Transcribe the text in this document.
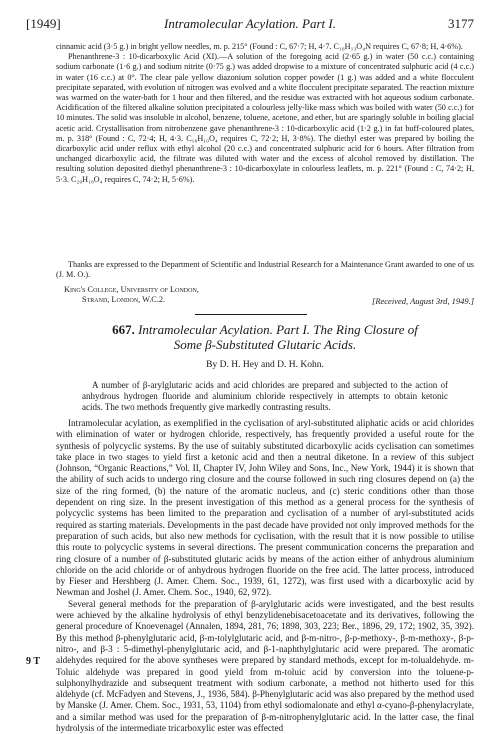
[1949]	Intramolecular Acylation. Part I.	3177

cinnamic acid (3·5 g.) in bright yellow needles, m. p. 215° (Found : C, 67·7; H, 4·7. C₁₆H₁₃O₄N requires C, 67·8; H, 4·6%).

Phenanthrene-3 : 10-dicarboxylic Acid (XI).—A solution of the foregoing acid (2·65 g.) in water (50 c.c.) containing sodium carbonate (1·6 g.) and sodium nitrite (0·75 g.) was added dropwise to a mixture of concentrated sulphuric acid (4 c.c.) in water (16 c.c.) at 0°. The clear pale yellow diazonium solution copper powder (1 g.) was added and a white flocculent precipitate separated, with evolution of nitrogen was evolved and a white flocculent precipitate separated. The reaction mixture was warmed on the water-bath for 1 hour and then filtered, and the residue was extracted with hot aqueous sodium carbonate. Acidification of the filtered alkaline solution precipitated a colourless jelly-like mass which was boiled with water (50 c.c.) for 10 minutes. The solid was insoluble in alcohol, benzene, toluene, acetone, and ether, but are sparingly soluble in boiling glacial acetic acid. Crystallisation from nitrobenzene gave phenanthrene-3 : 10-dicarboxylic acid (1·2 g.) in fat buff-coloured plates, m. p. 318° (Found : C, 72·4; H, 4·3. C₁₆H₁₀O₄ requires C, 72·2; H, 3·8%). The diethyl ester was prepared by boiling the dicarboxylic acid under reflux with ethyl alcohol (20 c.c.) and concentrated sulphuric acid for 6 hours. After filtration from unchanged dicarboxylic acid, the filtrate was diluted with water and the excess of alcohol removed by distillation. The resulting solution deposited diethyl phenanthrene-3 : 10-dicarboxylate in colourless leaflets, m. p. 221° (Found : C, 74·2; H, 5·3. C₂₀H₁₈O₄ requires C, 74·2; H, 5·6%).

Thanks are expressed to the Department of Scientific and Industrial Research for a Maintenance Grant awarded to one of us (J. M. O.).

King's College, University of London,
Strand, London, W.C.2.	[Received, August 3rd, 1949.]
667. Intramolecular Acylation. Part I. The Ring Closure of
Some β-Substituted Glutaric Acids.
By D. H. Hey and D. H. Kohn.
A number of β-arylglutaric acids and acid chlorides are prepared and subjected to the action of anhydrous hydrogen fluoride and aluminium chloride respectively in attempts to obtain ketonic acids. The two methods frequently give markedly contrasting results.

Intramolecular acylation, as exemplified in the cyclisation of aryl-substituted aliphatic acids or acid chlorides with elimination of water or hydrogen chloride, respectively, has frequently provided a useful route for the synthesis of polycyclic systems. By the use of suitably substituted dicarboxylic acids cyclisation can sometimes take place in two stages to yield first a ketonic acid and then a neutral diketone. In a review of this subject (Johnson, “Organic Reactions,” Vol. II, Chapter IV, John Wiley and Sons, Inc., New York, 1944) it is shown that the ability of such acids to undergo ring closure and the course followed in such ring closures depend on (a) the size of the ring formed, (b) the nature of the aromatic nucleus, and (c) steric conditions other than those dependent on ring size. In the present investigation of this method as a general process for the synthesis of polycyclic systems has been limited to the preparation and cyclisation of a number of aryl-substituted acids required as starting materials. Developments in the past decade have provided not only improved methods for the preparation of such acids, but also new methods for cyclisation, with the result that it is now possible to utilise this route to polycyclic systems in several directions. The present communication concerns the preparation and ring closure of a number of β-substituted glutaric acids by means of the action either of anhydrous aluminium chloride on the acid chloride or of anhydrous hydrogen fluoride on the free acid. The latter process, introduced by Fieser and Hershberg (J. Amer. Chem. Soc., 1939, 61, 1272), was first used with a dicarboxylic acid by Newman and Joshel (J. Amer. Chem. Soc., 1940, 62, 972).

Several general methods for the preparation of β-arylglutaric acids were investigated, and the best results were achieved by the alkaline hydrolysis of ethyl benzylidenebisacetoacetate and its derivatives, following the general procedure of Knoevenagel (Annalen, 1894, 281, 76; 1898, 303, 223; Ber., 1896, 29, 172; 1902, 35, 392). By this method β-phenylglutaric acid, β-m-tolylglutaric acid, and β-m-nitro-, β-p-methoxy-, β-m-methoxy-, β-p-nitro-, and β-3 : 5-dimethyl-phenylglutaric acid, and β-1-naphthylglutaric acid were prepared. The aromatic aldehydes required for the above syntheses were prepared by standard methods, except for m-tolualdehyde. m-Toluic aldehyde was prepared in good yield from m-toluic acid by conversion into the toluene-p-sulphonylhydrazide and subsequent treatment with sodium carbonate, a method not hitherto used for this aldehyde (cf. McFadyen and Stevens, J., 1936, 584). β-Phenylglutaric acid was also prepared by the method used by Manske (J. Amer. Chem. Soc., 1931, 53, 1104) from ethyl sodiomalonate and ethyl α-cyano-β-phenylacrylate, and a similar method was used for the preparation of β-m-nitrophenylglutaric acid. In the latter case, the final hydrolysis of the intermediate tricarboxylic ester was effected

9 T
